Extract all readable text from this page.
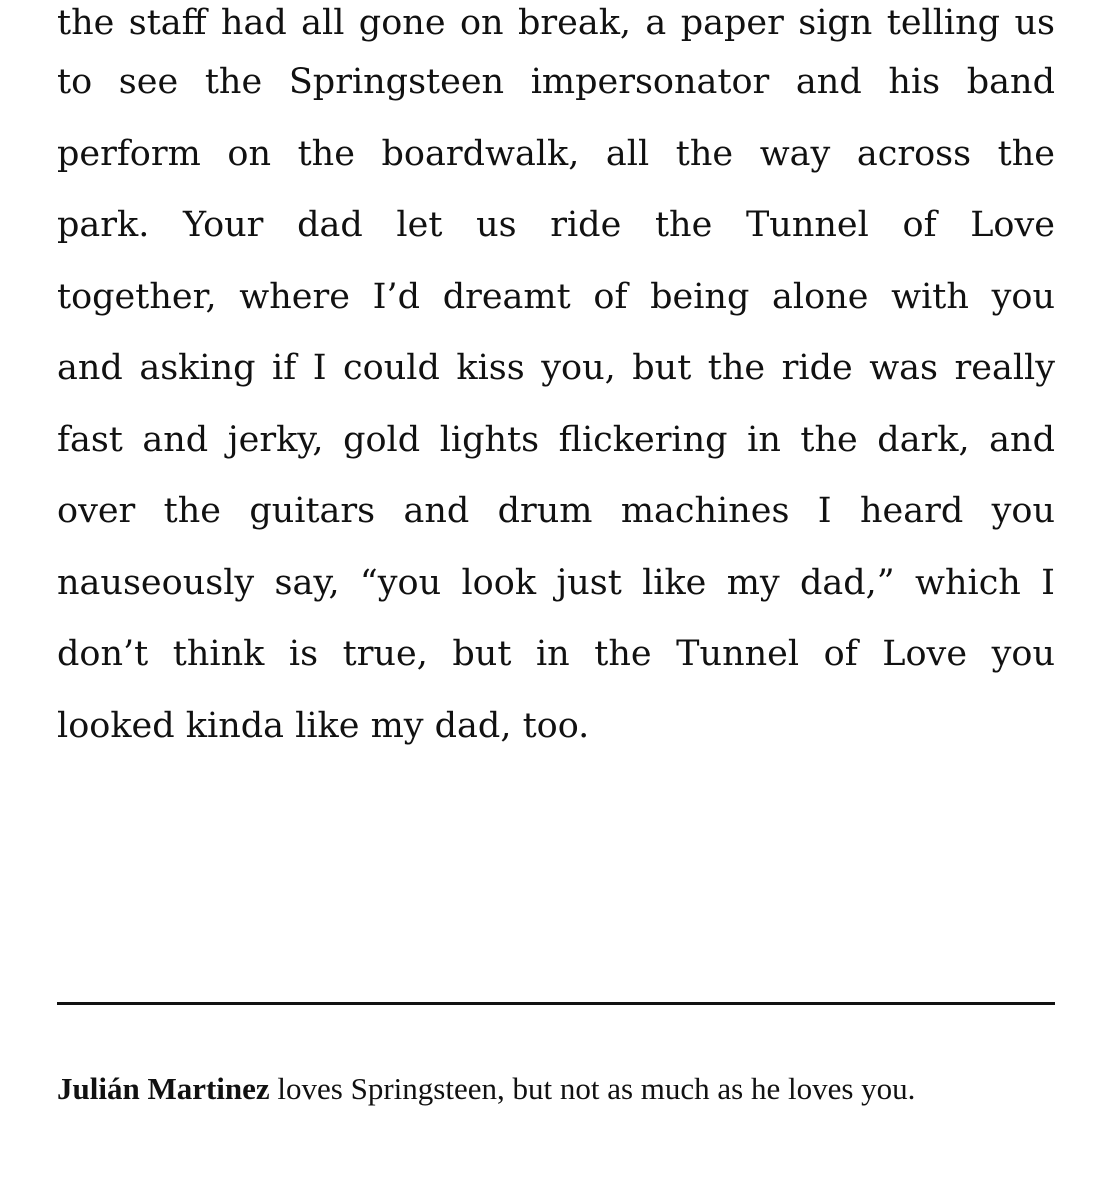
the staff had all gone on break, a paper sign telling us
to see the Springsteen impersonator and his band
perform on the boardwalk, all the way across the
park. Your dad let us ride the Tunnel of Love
together, where I’d dreamt of being alone with you
and asking if I could kiss you, but the ride was really
fast and jerky, gold lights flickering in the dark, and
over the guitars and drum machines I heard you
nauseously say, “you look just like my dad,” which I
don’t think is true, but in the Tunnel of Love you
looked kinda like my dad, too.
Julián Martinez loves Springsteen, but not as much as he loves you.
